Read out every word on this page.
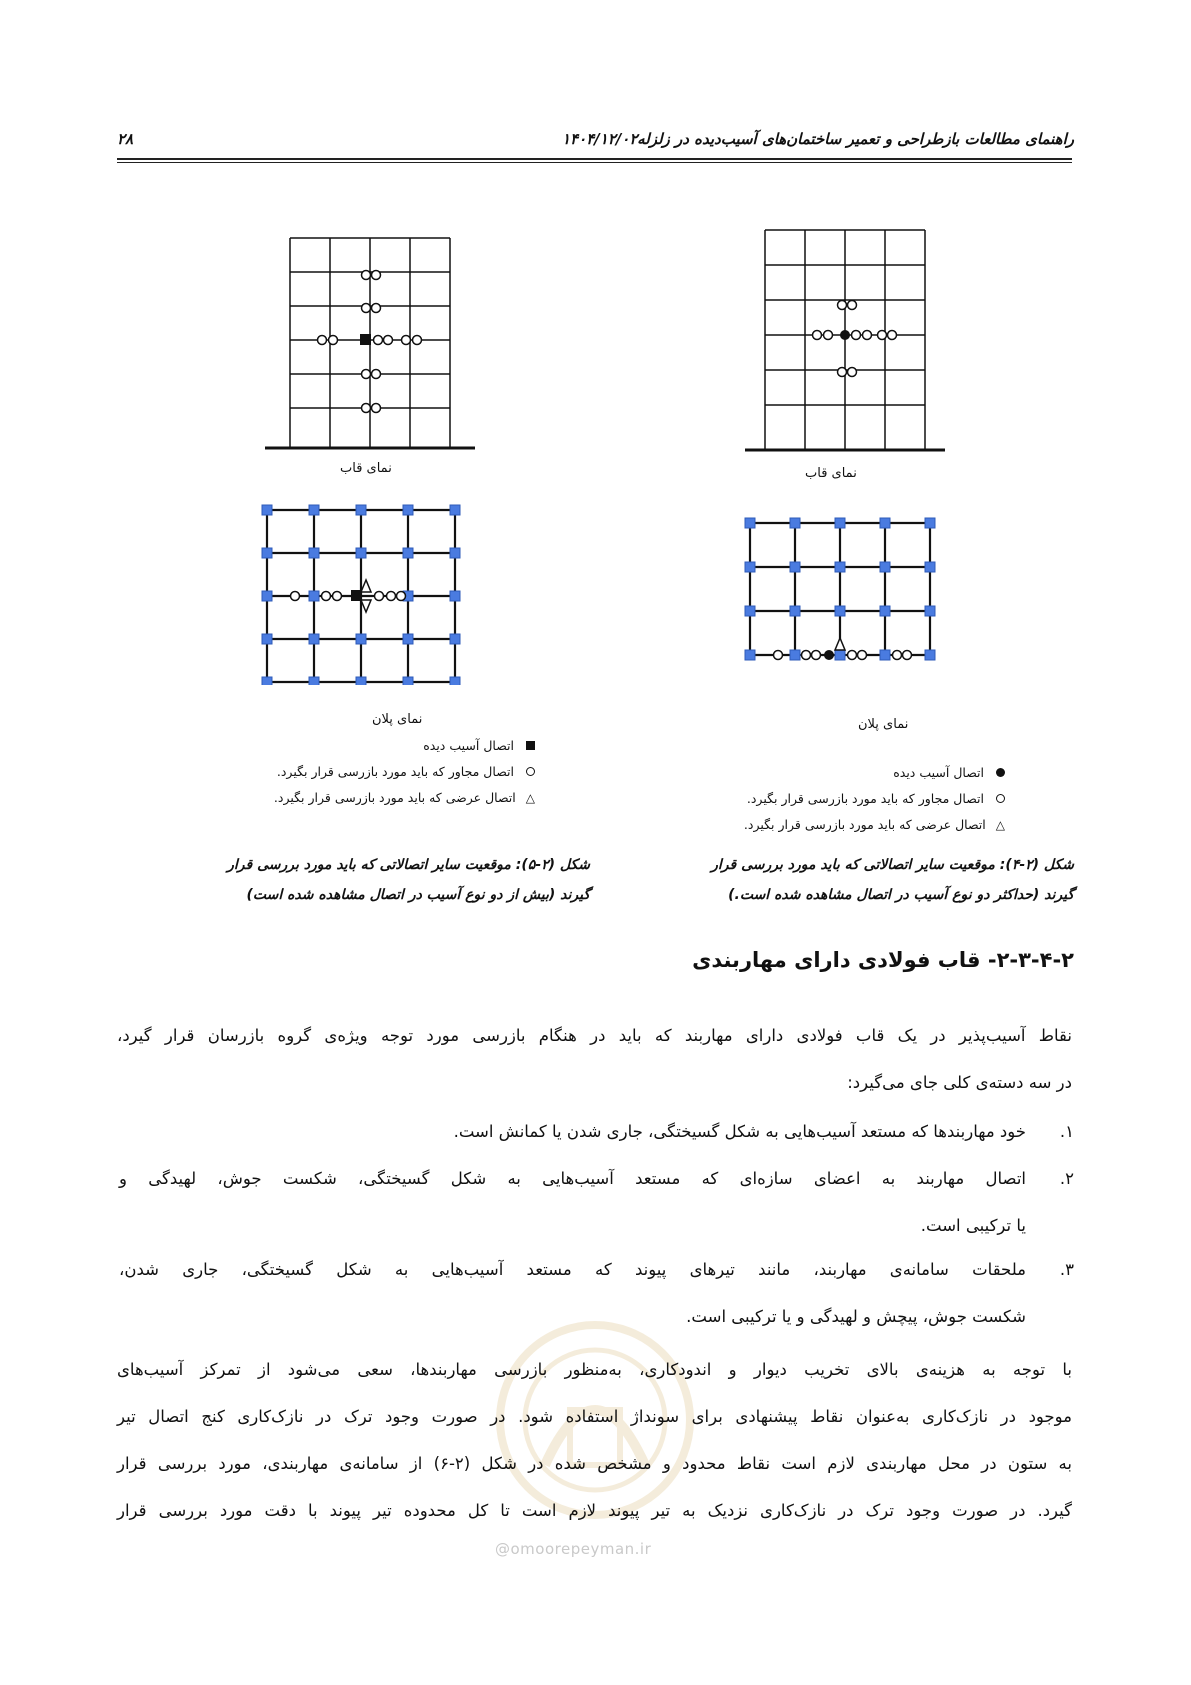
۲۸	۱۴۰۴/۱۲/۰۲ راهنمای مطالعات بازطراحی و تعمیر ساختمان‌های آسیب‌دیده در زلزله
نمای قاب
نمای پلان
اتصال آسیب دیده
اتصال مجاور که باید مورد بازرسی قرار بگیرد.
△اتصال عرضی که باید مورد بازرسی قرار بگیرد.
شکل (۲-۴): موقعیت سایر اتصالاتی که باید مورد بررسی قرار
گیرند (حداکثر دو نوع آسیب در اتصال مشاهده شده است.)
نمای قاب
نمای پلان
اتصال آسیب دیده
اتصال مجاور که باید مورد بازرسی قرار بگیرد.
△اتصال عرضی که باید مورد بازرسی قرار بگیرد.
شکل (۲-۵): موقعیت سایر اتصالاتی که باید مورد بررسی قرار
گیرند (بیش از دو نوع آسیب در اتصال مشاهده شده است)
۲-۳-۴-۲- قاب فولادی دارای مهاربندی
نقاط آسیب‌پذیر در یک قاب فولادی دارای مهاربند که باید در هنگام بازرسی مورد توجه ویژه‌ی گروه بازرسان قرار گیرد،
در سه دسته‌ی کلی جای می‌گیرد:
۱.
خود مهاربندها که مستعد آسیب‌هایی به شکل گسیختگی، جاری شدن یا کمانش است.
۲.
اتصال مهاربند به اعضای سازه‌ای که مستعد آسیب‌هایی به شکل گسیختگی، شکست جوش، لهیدگی و
یا ترکیبی است.
۳.
ملحقات سامانه‌ی مهاربند، مانند تیرهای پیوند که مستعد آسیب‌هایی به شکل گسیختگی، جاری شدن،
شکست جوش، پیچش و لهیدگی و یا ترکیبی است.
با توجه به هزینه‌ی بالای تخریب دیوار و اندودکاری، به‌منظور بازرسی مهاربندها، سعی می‌شود از تمرکز آسیب‌های
موجود در نازک‌کاری به‌عنوان نقاط پیشنهادی برای سونداژ استفاده شود. در صورت وجود ترک در نازک‌کاری کنج اتصال تیر
به ستون در محل مهاربندی لازم است نقاط محدود و مشخص شده در شکل (۲-۶) از سامانه‌ی مهاربندی، مورد بررسی قرار
گیرد. در صورت وجود ترک در نازک‌کاری نزدیک به تیر پیوند لازم است تا کل محدوده تیر پیوند با دقت مورد بررسی قرار
@omoorepeyman.ir
